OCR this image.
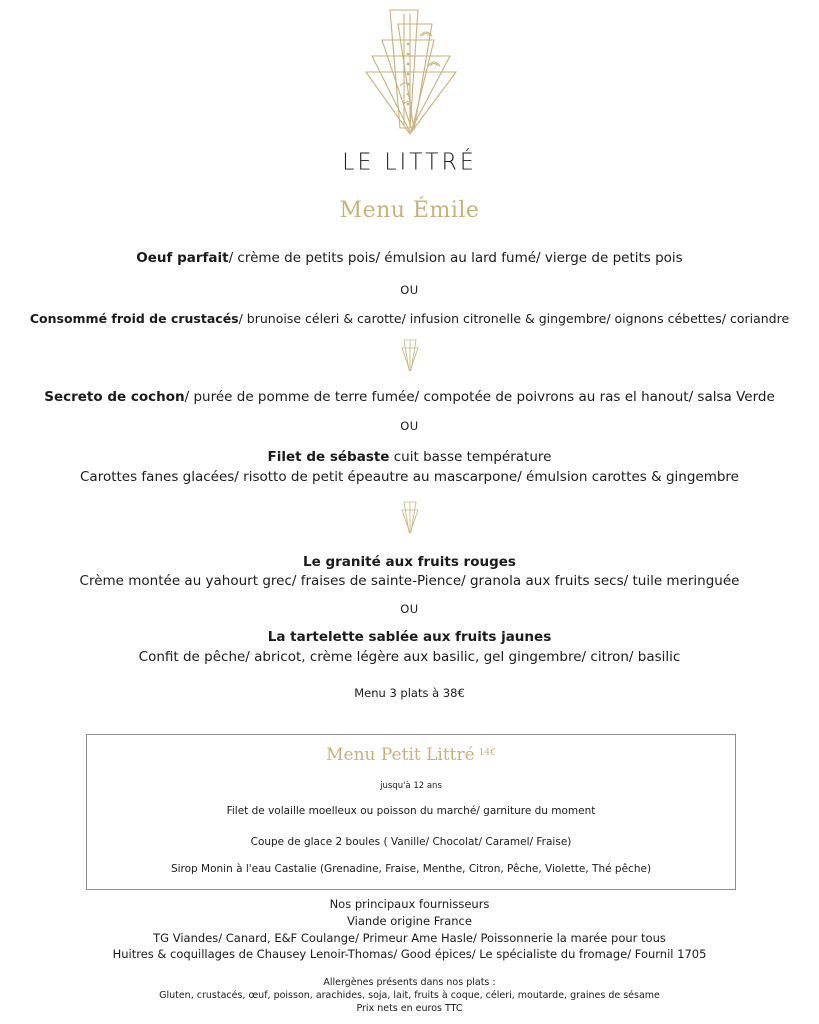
LE LITTRÉ
Menu Émile
Oeuf parfait/ crème de petits pois/ émulsion au lard fumé/ vierge de petits pois
OU
Consommé froid de crustacés/ brunoise céleri & carotte/ infusion citronelle & gingembre/ oignons cébettes/ coriandre
Secreto de cochon/ purée de pomme de terre fumée/ compotée de poivrons au ras el hanout/ salsa Verde
OU
Filet de sébaste cuit basse température
Carottes fanes glacées/ risotto de petit épeautre au mascarpone/ émulsion carottes & gingembre
Le granité aux fruits rouges
Crème montée au yahourt grec/ fraises de sainte-Pience/ granola aux fruits secs/ tuile meringuée
OU
La tartelette sablée aux fruits jaunes
Confit de pêche/ abricot, crème légère aux basilic, gel gingembre/ citron/ basilic
Menu 3 plats à 38€
Menu Petit Littré $^{14€}$
jusqu'à 12 ans
Filet de volaille moelleux ou poisson du marché/ garniture du moment
Coupe de glace 2 boules ( Vanille/ Chocolat/ Caramel/ Fraise)
Sirop Monin à l'eau Castalie (Grenadine, Fraise, Menthe, Citron, Pêche, Violette, Thé pêche)
Nos principaux fournisseurs
Viande origine France
TG Viandes/ Canard, E&F Coulange/ Primeur Ame Hasle/ Poissonnerie la marée pour tous
Huitres & coquillages de Chausey Lenoir-Thomas/ Good épices/ Le spécialiste du fromage/ Fournil 1705
Allergènes présents dans nos plats :
Gluten, crustacés, œuf, poisson, arachides, soja, lait, fruits à coque, céleri, moutarde, graines de sésame
Prix nets en euros TTC
